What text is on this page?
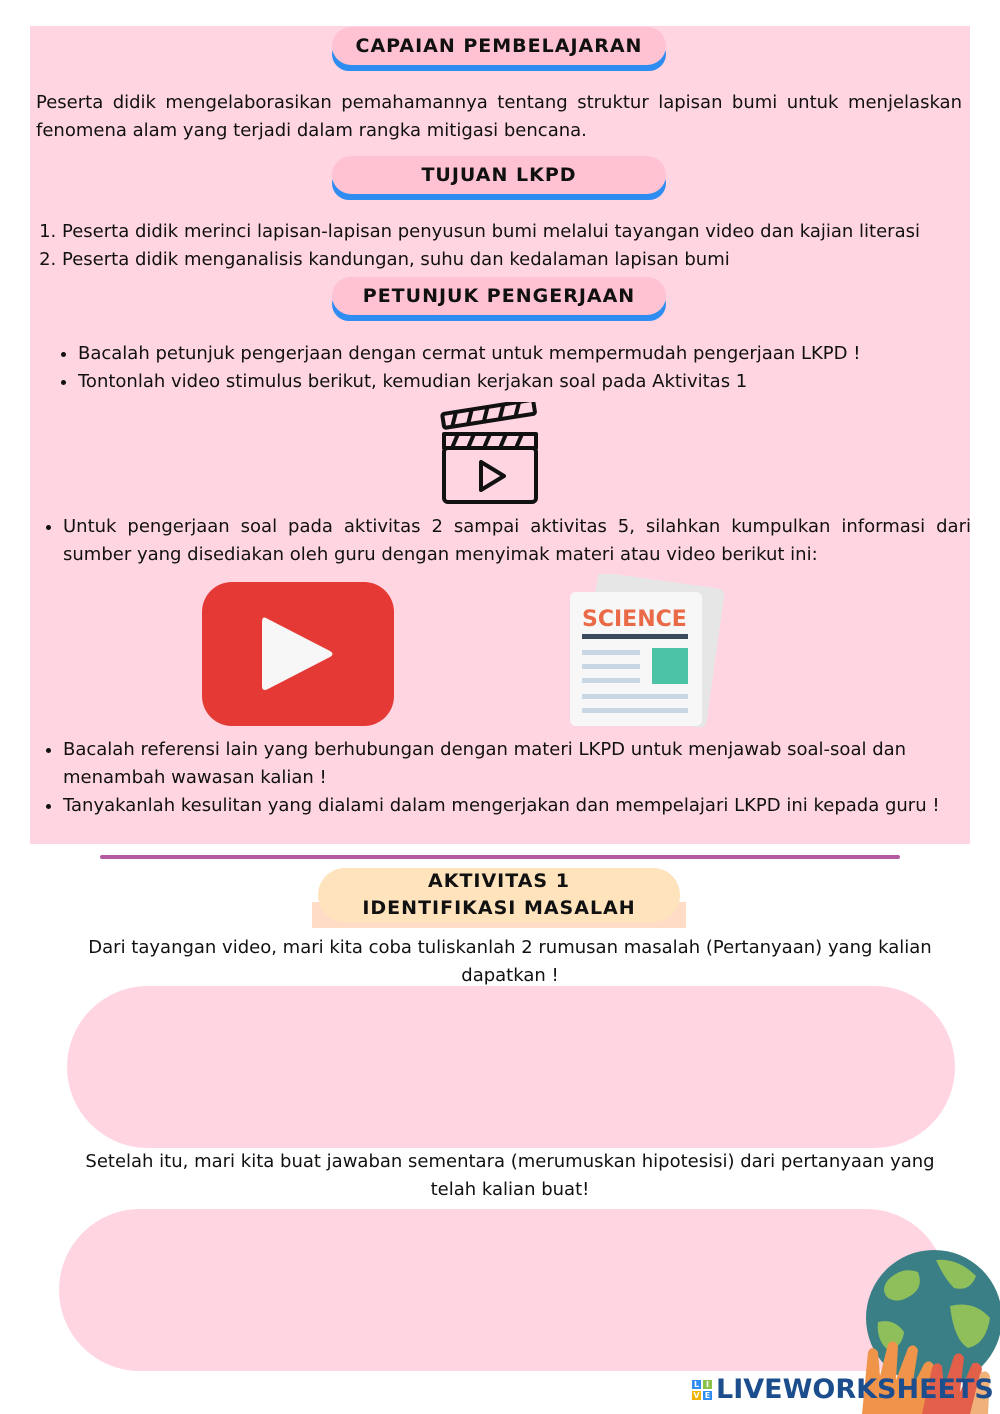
CAPAIAN PEMBELAJARAN
Peserta didik mengelaborasikan pemahamannya tentang struktur lapisan bumi untuk menjelaskan fenomena alam yang terjadi dalam rangka mitigasi bencana.
TUJUAN LKPD
1. Peserta didik merinci lapisan-lapisan penyusun bumi melalui tayangan video dan kajian literasi
2. Peserta didik menganalisis kandungan, suhu dan kedalaman lapisan bumi
PETUNJUK PENGERJAAN
• Bacalah petunjuk pengerjaan dengan cermat untuk mempermudah pengerjaan LKPD !
• Tontonlah video stimulus berikut, kemudian kerjakan soal pada Aktivitas 1
• Untuk pengerjaan soal pada aktivitas 2 sampai aktivitas 5, silahkan kumpulkan informasi dari sumber yang disediakan oleh guru dengan menyimak materi atau video berikut ini:
SCIENCE
• Bacalah referensi lain yang berhubungan dengan materi LKPD untuk menjawab soal-soal dan menambah wawasan kalian !
• Tanyakanlah kesulitan yang dialami dalam mengerjakan dan mempelajari LKPD ini kepada guru !
AKTIVITAS 1
IDENTIFIKASI MASALAH
Dari tayangan video, mari kita coba tuliskanlah 2 rumusan masalah (Pertanyaan) yang kalian dapatkan !
Setelah itu, mari kita buat jawaban sementara (merumuskan hipotesisi) dari pertanyaan yang telah kalian buat!
L I
V E LIVEWORKSHEETS
